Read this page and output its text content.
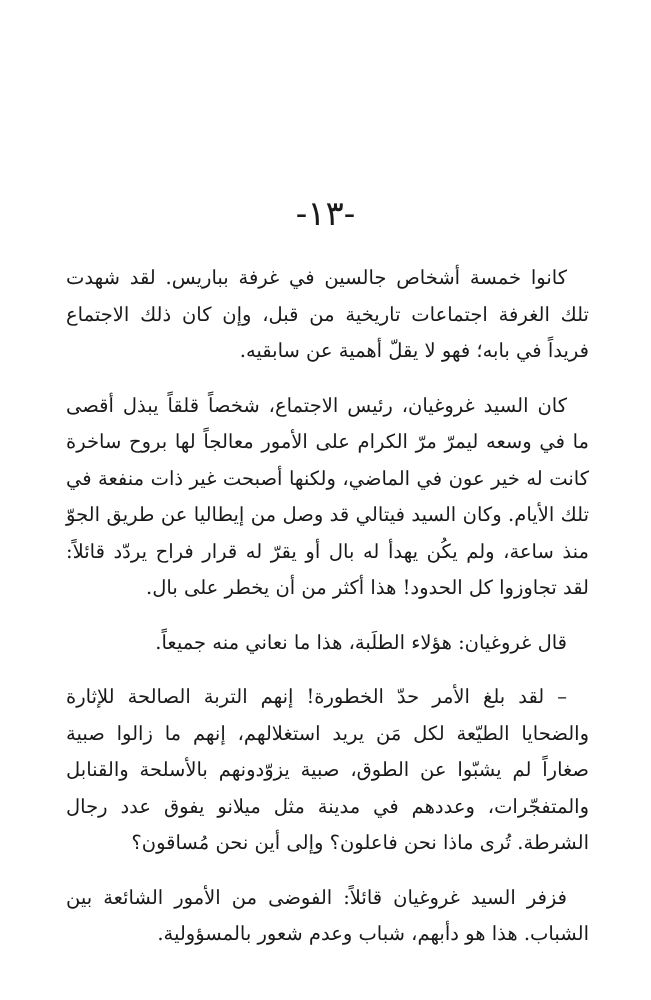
-١٣-

كانوا خمسة أشخاص جالسين في غرفة بباريس. لقد شهدت تلك الغرفة اجتماعات تاريخية من قبل، وإن كان ذلك الاجتماع فريداً في بابه؛ فهو لا يقلّ أهمية عن سابقيه.

كان السيد غروغيان، رئيس الاجتماع، شخصاً قلقاً يبذل أقصى ما في وسعه ليمرّ مرّ الكرام على الأمور معالجاً لها بروح ساخرة كانت له خير عون في الماضي، ولكنها أصبحت غير ذات منفعة في تلك الأيام. وكان السيد فيتالي قد وصل من إيطاليا عن طريق الجوّ منذ ساعة، ولم يكُن يهدأ له بال أو يقرّ له قرار فراح يردّد قائلاً: لقد تجاوزوا كل الحدود! هذا أكثر من أن يخطر على بال.

قال غروغيان: هؤلاء الطلَبة، هذا ما نعاني منه جميعاً.

– لقد بلغ الأمر حدّ الخطورة! إنهم التربة الصالحة للإثارة والضحايا الطيّعة لكل مَن يريد استغلالهم، إنهم ما زالوا صبية صغاراً لم يشبّوا عن الطوق، صبية يزوّدونهم بالأسلحة والقنابل والمتفجّرات، وعددهم في مدينة مثل ميلانو يفوق عدد رجال الشرطة. تُرى ماذا نحن فاعلون؟ وإلى أين نحن مُساقون؟

فزفر السيد غروغيان قائلاً: الفوضى من الأمور الشائعة بين الشباب. هذا هو دأبهم، شباب وعدم شعور بالمسؤولية.
